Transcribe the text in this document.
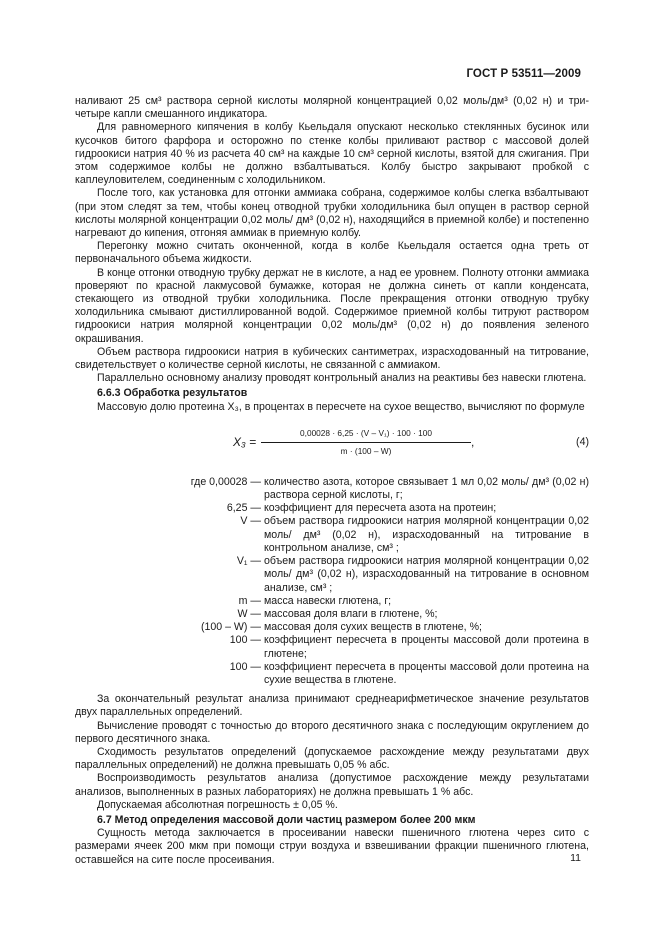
ГОСТ Р 53511—2009

наливают 25 см³ раствора серной кислоты молярной концентрацией 0,02 моль/дм³ (0,02 н) и три-четыре капли смешанного индикатора.

Для равномерного кипячения в колбу Кьельдаля опускают несколько стеклянных бусинок или кусочков битого фарфора и осторожно по стенке колбы приливают раствор с массовой долей гидроокиси натрия 40 % из расчета 40 см³ на каждые 10 см³ серной кислоты, взятой для сжигания. При этом содержимое колбы не должно взбалтываться. Колбу быстро закрывают пробкой с каплеуловителем, соединенным с холодильником.

После того, как установка для отгонки аммиака собрана, содержимое колбы слегка взбалтывают (при этом следят за тем, чтобы конец отводной трубки холодильника был опущен в раствор серной кислоты молярной концентрации 0,02 моль/ дм³ (0,02 н), находящийся в приемной колбе) и постепенно нагревают до кипения, отгоняя аммиак в приемную колбу.

Перегонку можно считать оконченной, когда в колбе Кьельдаля остается одна треть от первоначального объема жидкости.

В конце отгонки отводную трубку держат не в кислоте, а над ее уровнем. Полноту отгонки аммиака проверяют по красной лакмусовой бумажке, которая не должна синеть от капли конденсата, стекающего из отводной трубки холодильника. После прекращения отгонки отводную трубку холодильника смывают дистиллированной водой. Содержимое приемной колбы титруют раствором гидроокиси натрия молярной концентрации 0,02 моль/дм³ (0,02 н) до появления зеленого окрашивания.

Объем раствора гидроокиси натрия в кубических сантиметрах, израсходованный на титрование, свидетельствует о количестве серной кислоты, не связанной с аммиаком.

Параллельно основному анализу проводят контрольный анализ на реактивы без навески глютена.

6.6.3 Обработка результатов

Массовую долю протеина X₃, в процентах в пересчете на сухое вещество, вычисляют по формуле

$X_3 = \frac{\text{0,00028 · 6,25 · (V – V₁) · 100 · 100}}{m \cdot (100 - W)}$ ,	(4)
где 0,00028 — количество азота, которое связывает 1 мл 0,02 моль/ дм³ (0,02 н) раствора серной кислоты, г;
6,25 — коэффициент для пересчета азота на протеин;
V — объем раствора гидроокиси натрия молярной концентрации 0,02 моль/ дм³ (0,02 н), израсходованный на титрование в контрольном анализе, см³ ;
V₁ — объем раствора гидроокиси натрия молярной концентрации 0,02 моль/ дм³ (0,02 н), израсходованный на титрование в основном анализе, см³ ;
m — масса навески глютена, г;
W — массовая доля влаги в глютене, %;
(100 – W) — массовая доля сухих веществ в глютене, %;
100 — коэффициент пересчета в проценты массовой доли протеина в глютене;
100 — коэффициент пересчета в проценты массовой доли протеина на сухие вещества в глютене.

За окончательный результат анализа принимают среднеарифметическое значение результатов двух параллельных определений.

Вычисление проводят с точностью до второго десятичного знака с последующим округлением до первого десятичного знака.

Сходимость результатов определений (допускаемое расхождение между результатами двух параллельных определений) не должна превышать 0,05 % абс.

Воспроизводимость результатов анализа (допустимое расхождение между результатами анализов, выполненных в разных лабораториях) не должна превышать 1 % абс.

Допускаемая абсолютная погрешность ± 0,05 %.

6.7 Метод определения массовой доли частиц размером более 200 мкм

Сущность метода заключается в просеивании навески пшеничного глютена через сито с размерами ячеек 200 мкм при помощи струи воздуха и взвешивании фракции пшеничного глютена, оставшейся на сите после просеивания.	11
